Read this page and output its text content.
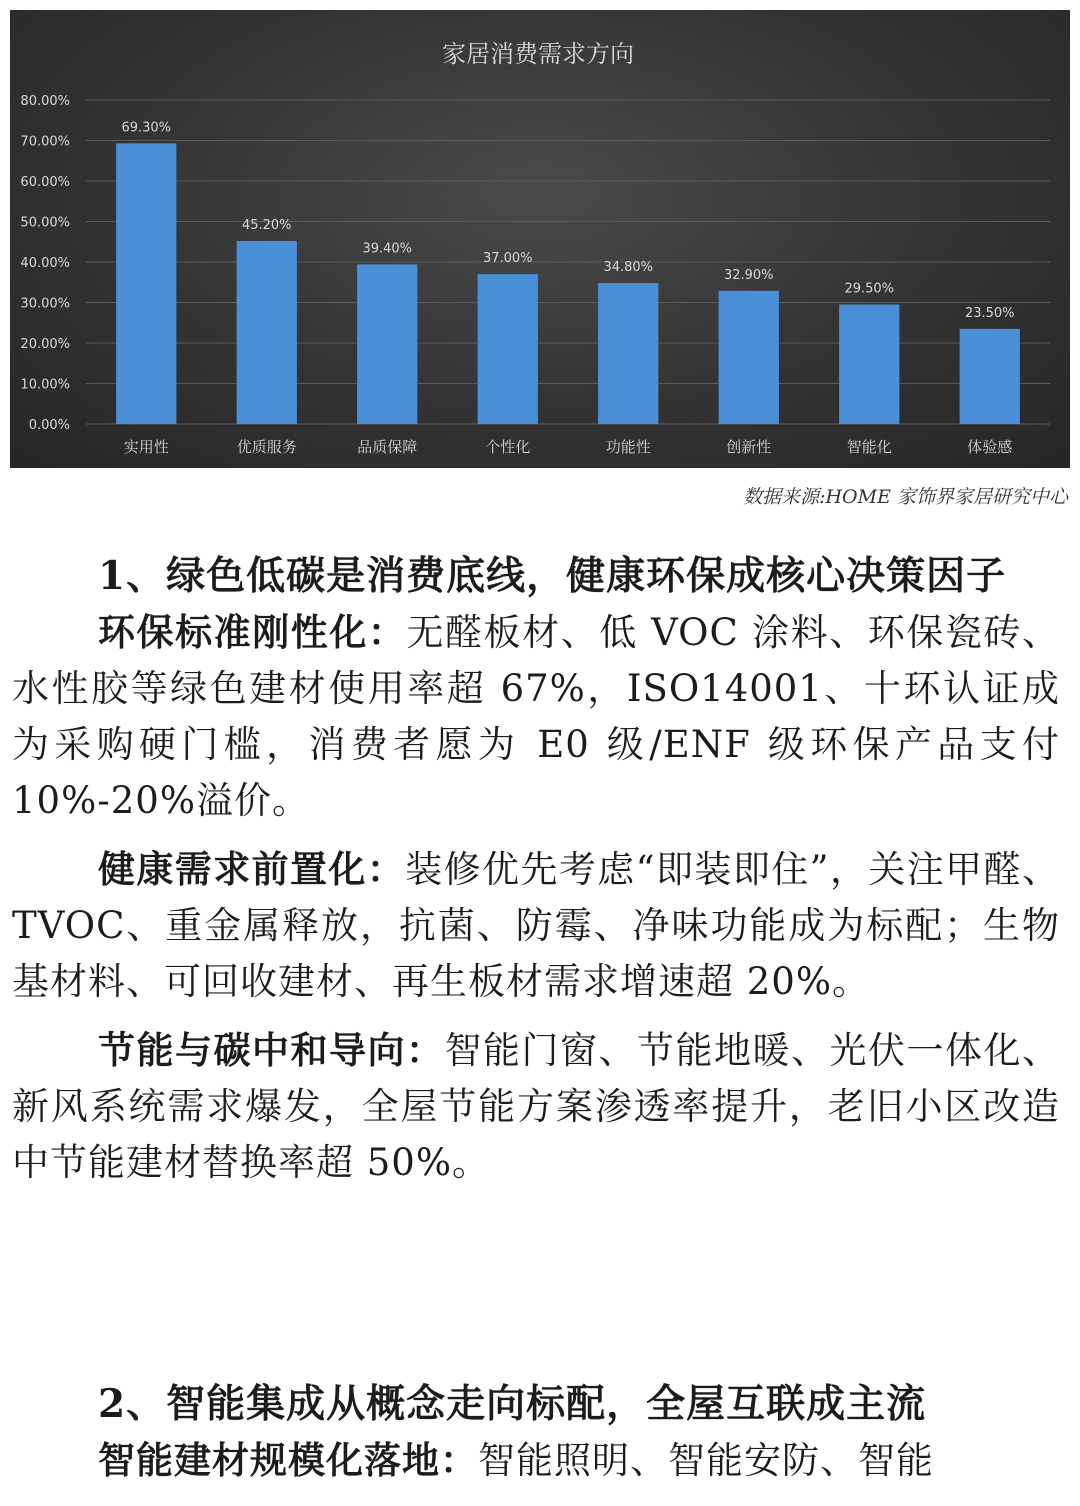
家居消费需求方向
0.00%
10.00%
20.00%
30.00%
40.00%
50.00%
60.00%
70.00%
80.00%
69.30%
实用性
45.20%
优质服务
39.40%
品质保障
37.00%
个性化
34.80%
功能性
32.90%
创新性
29.50%
智能化
23.50%
体验感
数据来源:HOME 家饰界家居研究中心
1、绿色低碳是消费底线，健康环保成核心决策因子

环保标准刚性化：无醛板材、低 VOC 涂料、环保瓷砖、水性胶等绿色建材使用率超 67%，ISO14001、十环认证成为采购硬门槛，消费者愿为 E0 级/ENF 级环保产品支付 10%-20%溢价。

健康需求前置化：装修优先考虑“即装即住”，关注甲醛、TVOC、重金属释放，抗菌、防霉、净味功能成为标配；生物基材料、可回收建材、再生板材需求增速超 20%。

节能与碳中和导向：智能门窗、节能地暖、光伏一体化、新风系统需求爆发，全屋节能方案渗透率提升，老旧小区改造中节能建材替换率超 50%。

2、智能集成从概念走向标配，全屋互联成主流

智能建材规模化落地：智能照明、智能安防、智能
